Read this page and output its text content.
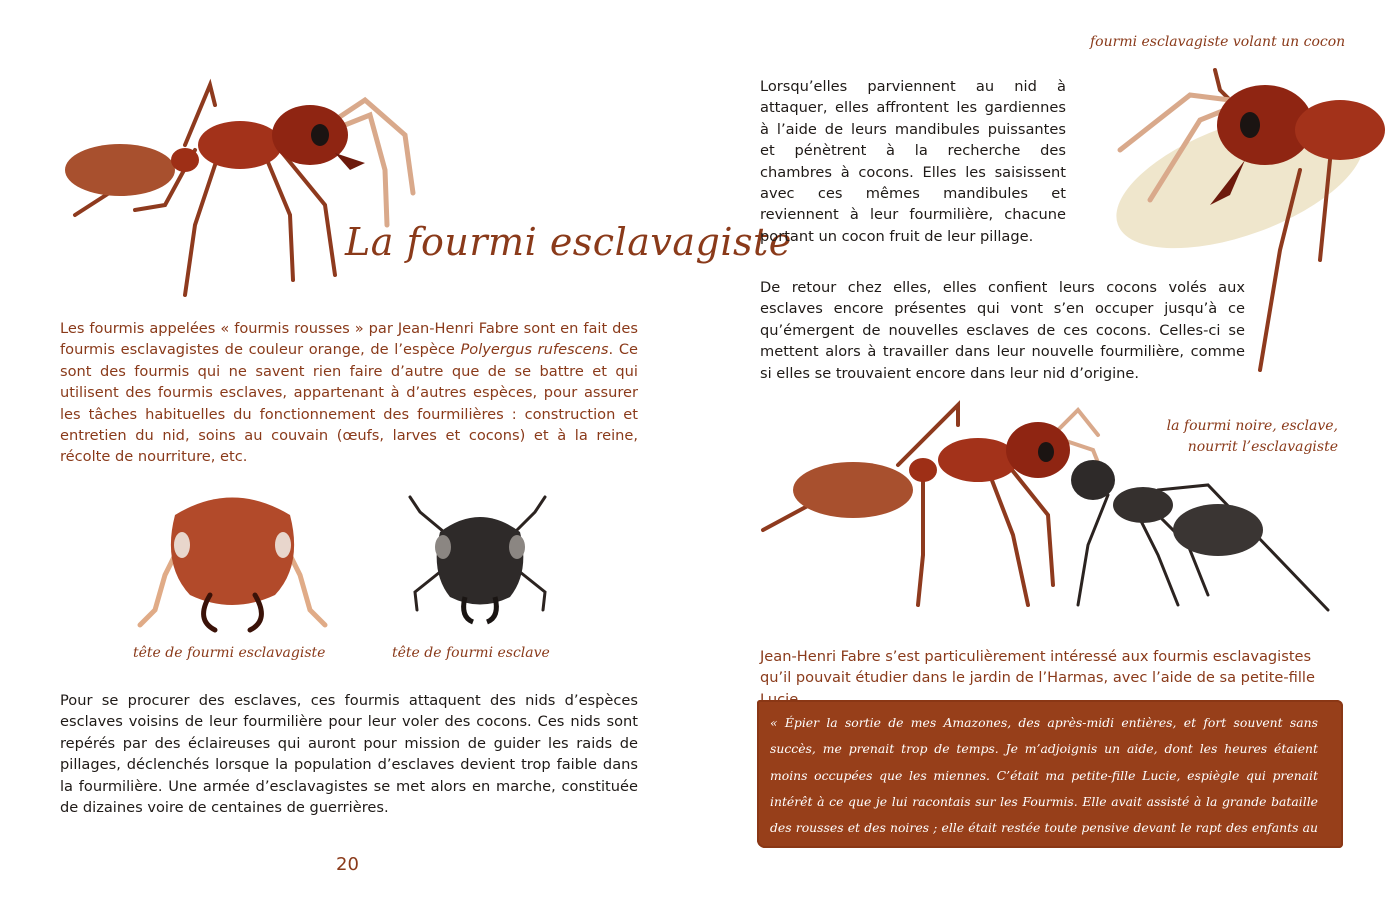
La fourmi esclavagiste

Les fourmis appelées « fourmis rousses » par Jean-Henri Fabre sont en fait des fourmis esclavagistes de couleur orange, de l’espèce Polyergus rufescens. Ce sont des fourmis qui ne savent rien faire d’autre que de se battre et qui utilisent des fourmis esclaves, appartenant à d’autres espèces, pour assurer les tâches habituelles du fonctionnement des fourmilières : construction et entretien du nid, soins au couvain (œufs, larves et cocons) et à la reine, récolte de nourriture, etc.

tête de fourmi esclavagiste	tête de fourmi esclave

Pour se procurer des esclaves, ces fourmis attaquent des nids d’espèces esclaves voisins de leur fourmilière pour leur voler des cocons. Ces nids sont repérés par des éclaireuses qui auront pour mission de guider les raids de pillages, déclenchés lorsque la population d’esclaves devient trop faible dans la fourmilière. Une armée d’esclavagistes se met alors en marche, constituée de dizaines voire de centaines de guerrières.

20
fourmi esclavagiste volant un cocon

Lorsqu’elles parviennent au nid à attaquer, elles affrontent les gardiennes à l’aide de leurs mandibules puissantes et pénètrent à la recherche des chambres à cocons. Elles les saisissent avec ces mêmes mandibules et reviennent à leur fourmilière, chacune portant un cocon fruit de leur pillage.

De retour chez elles, elles confient leurs cocons volés aux esclaves encore présentes qui vont s’en occuper jusqu’à ce qu’émergent de nouvelles esclaves de ces cocons. Celles-ci se mettent alors à travailler dans leur nouvelle fourmilière, comme si elles se trouvaient encore dans leur nid d’origine.

la fourmi noire, esclave,
nourrit l’esclavagiste

Jean-Henri Fabre s’est particulièrement intéressé aux fourmis esclavagistes qu’il pouvait étudier dans le jardin de l’Harmas, avec l’aide de sa petite-fille

« Épier la sortie de mes Amazones, des après-midi entières, et fort souvent sans succès, me prenait trop de temps. Je m’adjoignis un aide, dont les heures étaient moins occupées que les miennes. C’était ma petite-fille Lucie, espiègle qui prenait intérêt à ce que je lui racontais sur les Fourmis. Elle avait assisté à la grande bataille des rousses et des noires ; elle était restée toute pensive devant le rapt des enfants au maillot. »
